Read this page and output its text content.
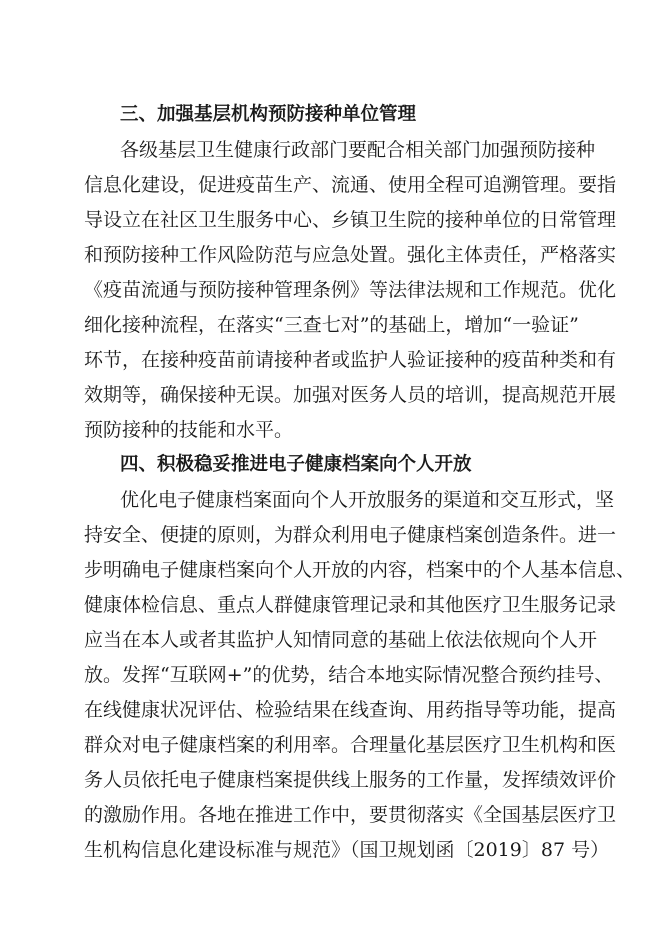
三、加强基层机构预防接种单位管理
各级基层卫生健康行政部门要配合相关部门加强预防接种
信息化建设，促进疫苗生产、流通、使用全程可追溯管理。要指
导设立在社区卫生服务中心、乡镇卫生院的接种单位的日常管理
和预防接种工作风险防范与应急处置。强化主体责任，严格落实
《疫苗流通与预防接种管理条例》等法律法规和工作规范。优化
细化接种流程，在落实“三查七对”的基础上，增加“一验证”
环节，在接种疫苗前请接种者或监护人验证接种的疫苗种类和有
效期等，确保接种无误。加强对医务人员的培训，提高规范开展
预防接种的技能和水平。
四、积极稳妥推进电子健康档案向个人开放
优化电子健康档案面向个人开放服务的渠道和交互形式，坚
持安全、便捷的原则，为群众利用电子健康档案创造条件。进一
步明确电子健康档案向个人开放的内容，档案中的个人基本信息、
健康体检信息、重点人群健康管理记录和其他医疗卫生服务记录
应当在本人或者其监护人知情同意的基础上依法依规向个人开
放。发挥“互联网+”的优势，结合本地实际情况整合预约挂号、
在线健康状况评估、检验结果在线查询、用药指导等功能，提高
群众对电子健康档案的利用率。合理量化基层医疗卫生机构和医
务人员依托电子健康档案提供线上服务的工作量，发挥绩效评价
的激励作用。各地在推进工作中，要贯彻落实《全国基层医疗卫
生机构信息化建设标准与规范》（国卫规划函〔2019〕87 号）
